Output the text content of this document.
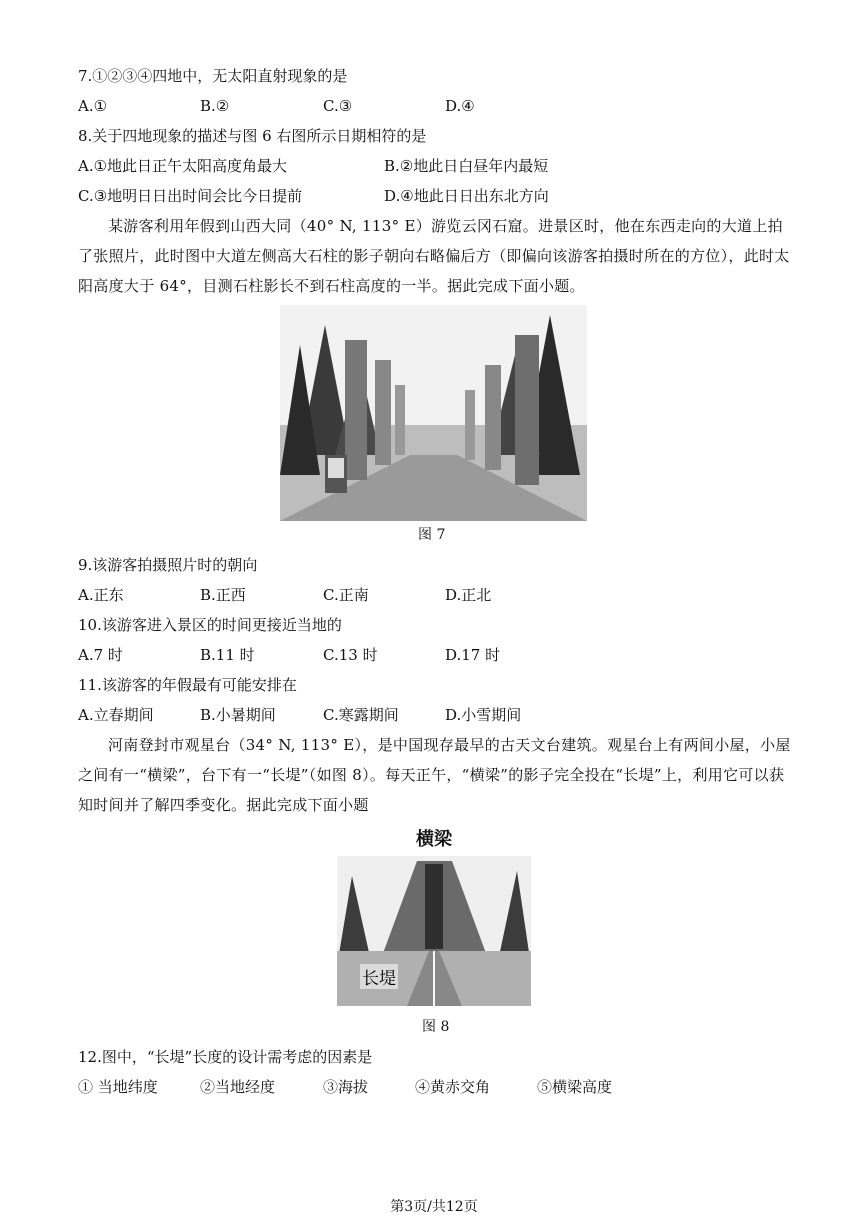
7.①②③④四地中，无太阳直射现象的是
A.①	B.②	C.③	D.④
8.关于四地现象的描述与图 6 右图所示日期相符的是
A.①地此日正午太阳高度角最大	B.②地此日白昼年内最短
C.③地明日日出时间会比今日提前	D.④地此日日出东北方向
某游客利用年假到山西大同（40° N, 113° E）游览云冈石窟。进景区时，他在东西走向的大道上拍了张照片，此时图中大道左侧高大石柱的影子朝向右略偏后方（即偏向该游客拍摄时所在的方位），此时太阳高度大于 64°，目测石柱影长不到石柱高度的一半。据此完成下面小题。
图 7
9.该游客拍摄照片时的朝向
A.正东	B.正西	C.正南	D.正北
10.该游客进入景区的时间更接近当地的
A.7 时	B.11 时	C.13 时	D.17 时
11.该游客的年假最有可能安排在
A.立春期间	B.小暑期间	C.寒露期间	D.小雪期间
河南登封市观星台（34° N, 113° E），是中国现存最早的古天文台建筑。观星台上有两间小屋，小屋之间有一“横梁”，台下有一“长堤”（如图 8）。每天正午，“横梁”的影子完全投在“长堤”上，利用它可以获知时间并了解四季变化。据此完成下面小题
横梁
长堤
图 8
12.图中，“长堤”长度的设计需考虑的因素是
① 当地纬度	②当地经度	③海拔	④黄赤交角	⑤横梁高度
第3页/共12页
